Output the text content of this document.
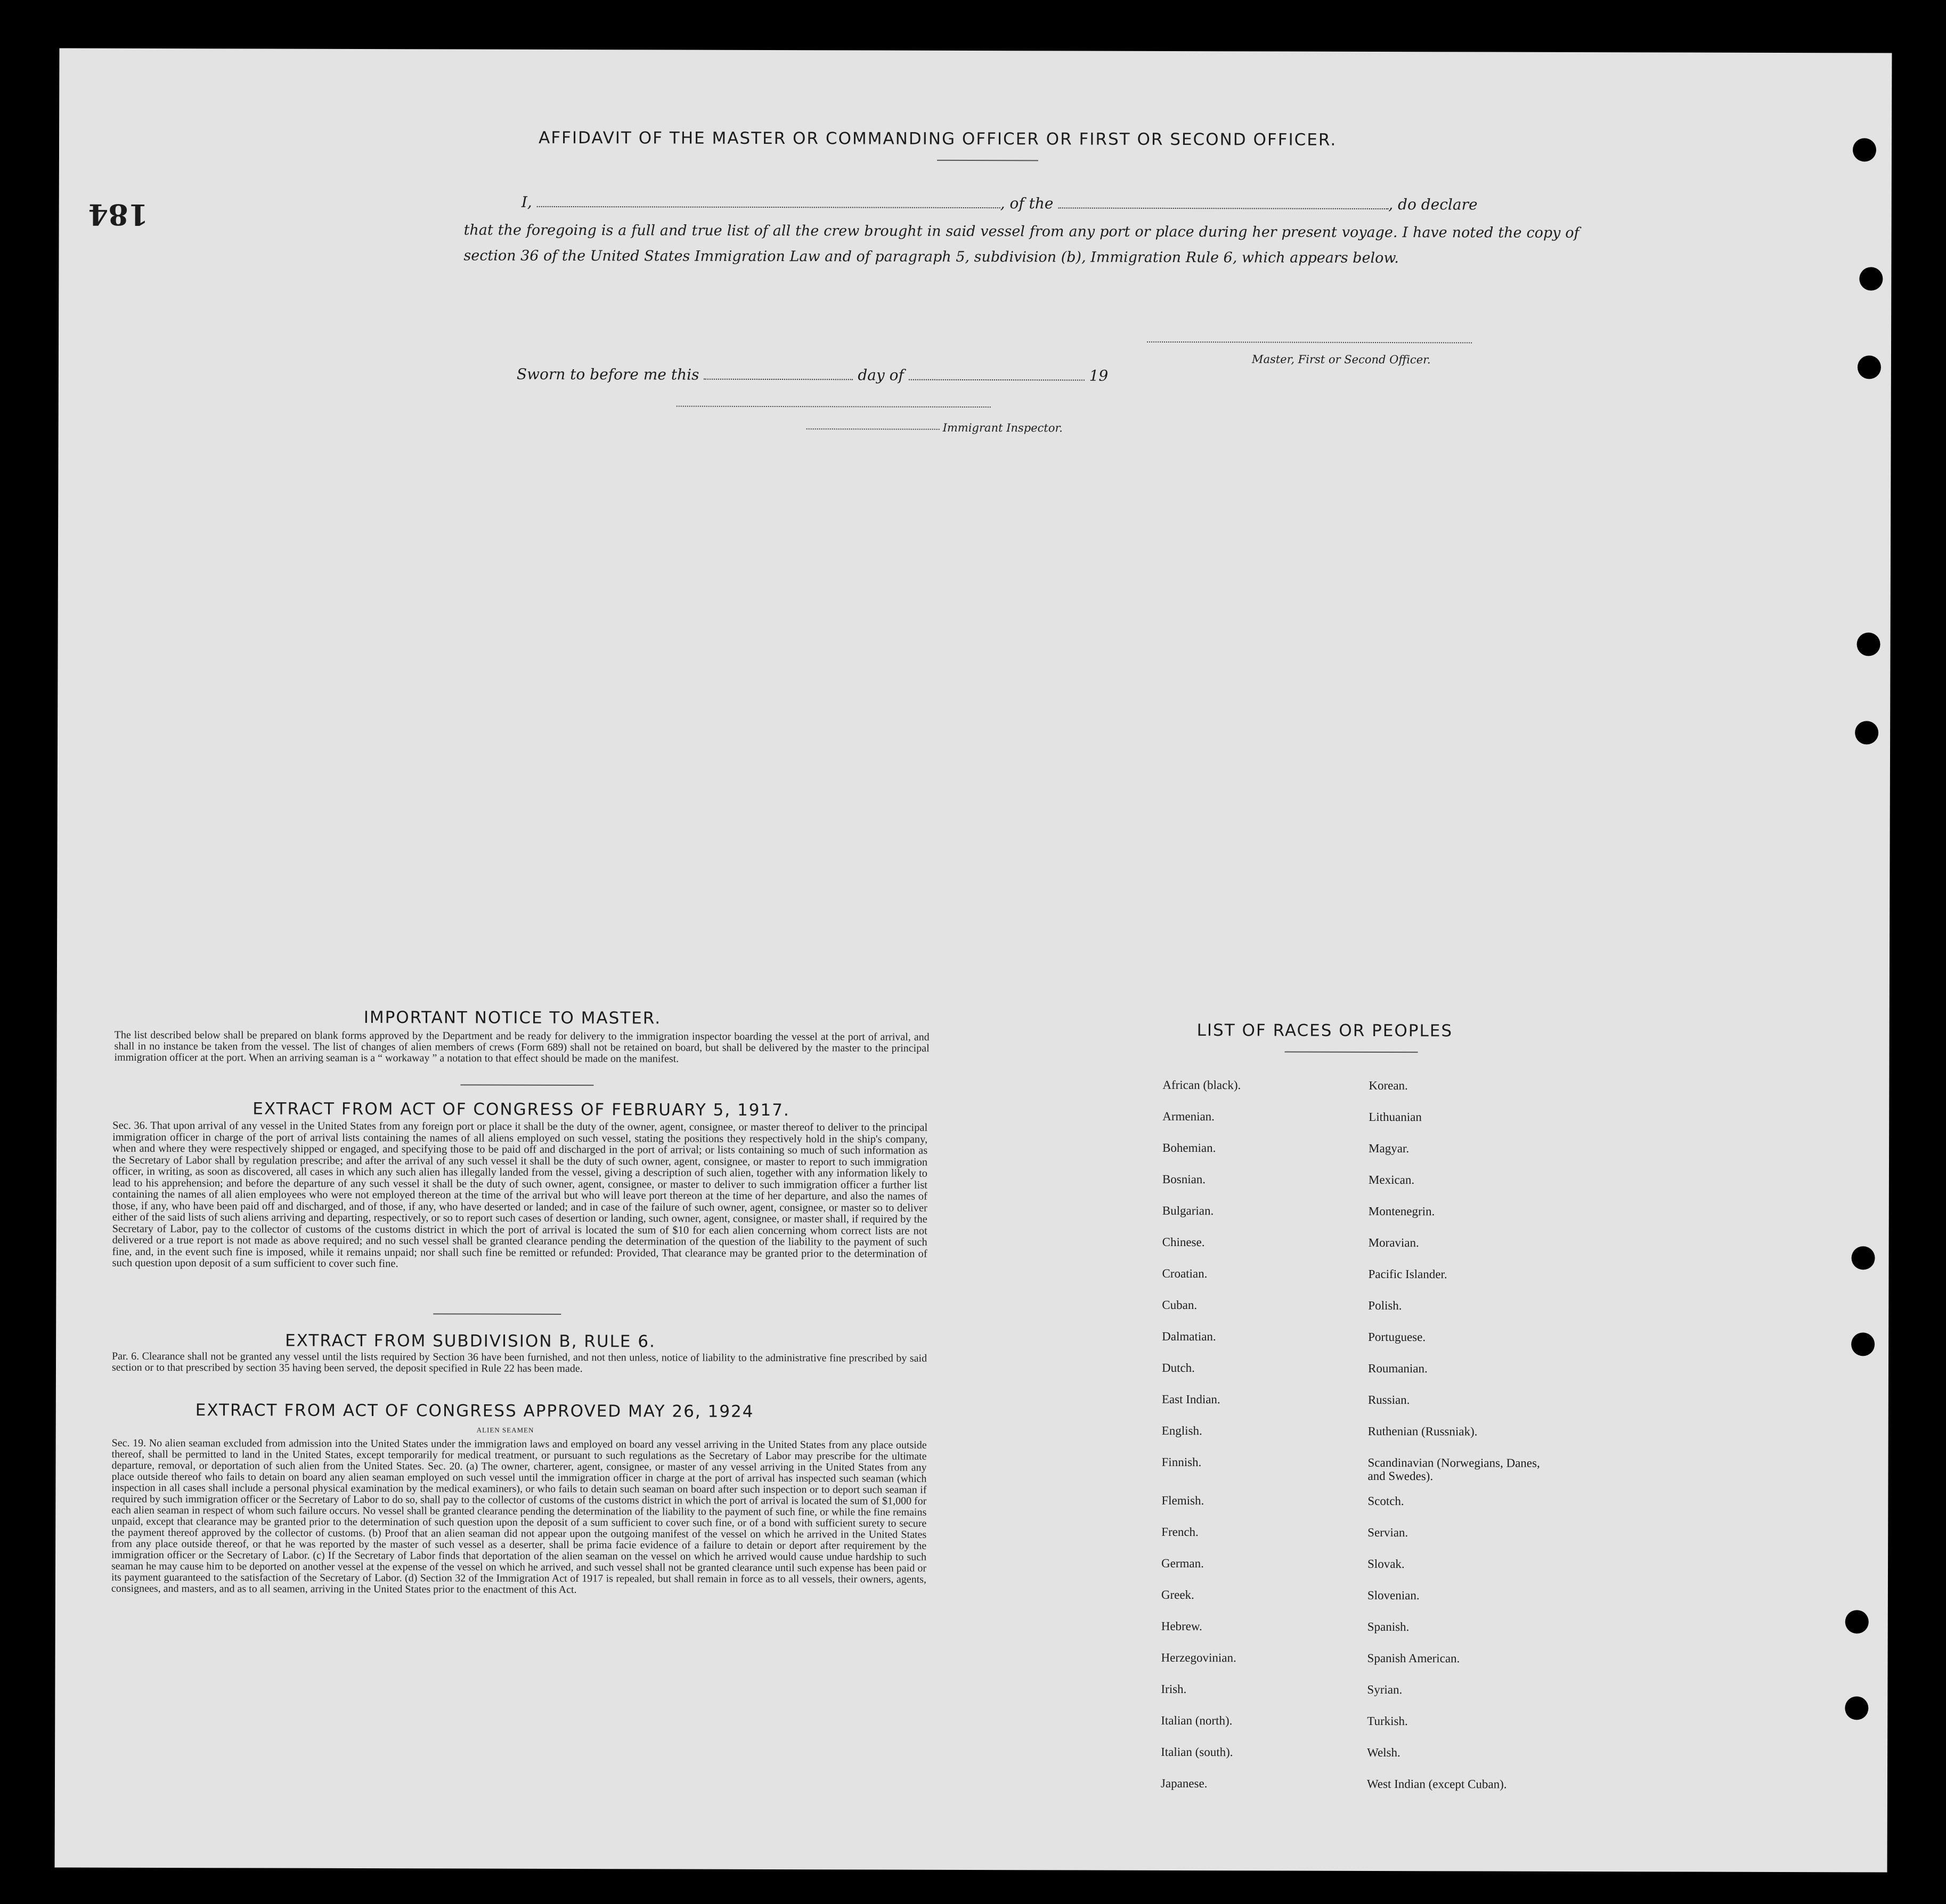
184
AFFIDAVIT OF THE MASTER OR COMMANDING OFFICER OR FIRST OR SECOND OFFICER.
I,	, of the	, do declare
that the foregoing is a full and true list of all the crew brought in said vessel from any port or place during her present voyage. I have noted the copy of section 36 of the United States Immigration Law and of paragraph 5, subdivision (b), Immigration Rule 6, which appears below.
Master, First or Second Officer.
Sworn to before me this	day of	19
Immigrant Inspector.
IMPORTANT NOTICE TO MASTER.
The list described below shall be prepared on blank forms approved by the Department and be ready for delivery to the immigration inspector boarding the vessel at the port of arrival, and shall in no instance be taken from the vessel. The list of changes of alien members of crews (Form 689) shall not be retained on board, but shall be delivered by the master to the principal immigration officer at the port. When an arriving seaman is a “ workaway ” a notation to that effect should be made on the manifest.
EXTRACT FROM ACT OF CONGRESS OF FEBRUARY 5, 1917.
Sec. 36. That upon arrival of any vessel in the United States from any foreign port or place it shall be the duty of the owner, agent, consignee, or master thereof to deliver to the principal immigration officer in charge of the port of arrival lists containing the names of all aliens employed on such vessel, stating the positions they respectively hold in the ship's company, when and where they were respectively shipped or engaged, and specifying those to be paid off and discharged in the port of arrival; or lists containing so much of such information as the Secretary of Labor shall by regulation prescribe; and after the arrival of any such vessel it shall be the duty of such owner, agent, consignee, or master to report to such immigration officer, in writing, as soon as discovered, all cases in which any such alien has illegally landed from the vessel, giving a description of such alien, together with any information likely to lead to his apprehension; and before the departure of any such vessel it shall be the duty of such owner, agent, consignee, or master to deliver to such immigration officer a further list containing the names of all alien employees who were not employed thereon at the time of the arrival but who will leave port thereon at the time of her departure, and also the names of those, if any, who have been paid off and discharged, and of those, if any, who have deserted or landed; and in case of the failure of such owner, agent, consignee, or master so to deliver either of the said lists of such aliens arriving and departing, respectively, or so to report such cases of desertion or landing, such owner, agent, consignee, or master shall, if required by the Secretary of Labor, pay to the collector of customs of the customs district in which the port of arrival is located the sum of $10 for each alien concerning whom correct lists are not delivered or a true report is not made as above required; and no such vessel shall be granted clearance pending the determination of the question of the liability to the payment of such fine, and, in the event such fine is imposed, while it remains unpaid; nor shall such fine be remitted or refunded: Provided, That clearance may be granted prior to the determination of such question upon deposit of a sum sufficient to cover such fine.
EXTRACT FROM SUBDIVISION B, RULE 6.
Par. 6. Clearance shall not be granted any vessel until the lists required by Section 36 have been furnished, and not then unless, notice of liability to the administrative fine prescribed by said section or to that prescribed by section 35 having been served, the deposit specified in Rule 22 has been made.
EXTRACT FROM ACT OF CONGRESS APPROVED MAY 26, 1924
ALIEN SEAMEN
Sec. 19. No alien seaman excluded from admission into the United States under the immigration laws and employed on board any vessel arriving in the United States from any place outside thereof, shall be permitted to land in the United States, except temporarily for medical treatment, or pursuant to such regulations as the Secretary of Labor may prescribe for the ultimate departure, removal, or deportation of such alien from the United States. Sec. 20. (a) The owner, charterer, agent, consignee, or master of any vessel arriving in the United States from any place outside thereof who fails to detain on board any alien seaman employed on such vessel until the immigration officer in charge at the port of arrival has inspected such seaman (which inspection in all cases shall include a personal physical examination by the medical examiners), or who fails to detain such seaman on board after such inspection or to deport such seaman if required by such immigration officer or the Secretary of Labor to do so, shall pay to the collector of customs of the customs district in which the port of arrival is located the sum of $1,000 for each alien seaman in respect of whom such failure occurs. No vessel shall be granted clearance pending the determination of the liability to the payment of such fine, or while the fine remains unpaid, except that clearance may be granted prior to the determination of such question upon the deposit of a sum sufficient to cover such fine, or of a bond with sufficient surety to secure the payment thereof approved by the collector of customs. (b) Proof that an alien seaman did not appear upon the outgoing manifest of the vessel on which he arrived in the United States from any place outside thereof, or that he was reported by the master of such vessel as a deserter, shall be prima facie evidence of a failure to detain or deport after requirement by the immigration officer or the Secretary of Labor. (c) If the Secretary of Labor finds that deportation of the alien seaman on the vessel on which he arrived would cause undue hardship to such seaman he may cause him to be deported on another vessel at the expense of the vessel on which he arrived, and such vessel shall not be granted clearance until such expense has been paid or its payment guaranteed to the satisfaction of the Secretary of Labor. (d) Section 32 of the Immigration Act of 1917 is repealed, but shall remain in force as to all vessels, their owners, agents, consignees, and masters, and as to all seamen, arriving in the United States prior to the enactment of this Act.
LIST OF RACES OR PEOPLES
African (black).	Korean.
Armenian.	Lithuanian
Bohemian.	Magyar.
Bosnian.	Mexican.
Bulgarian.	Montenegrin.
Chinese.	Moravian.
Croatian.	Pacific Islander.
Cuban.	Polish.
Dalmatian.	Portuguese.
Dutch.	Roumanian.
East Indian.	Russian.
English.	Ruthenian (Russniak).
Finnish.	Scandinavian (Norwegians, Danes, and Swedes).
Flemish.	Scotch.
French.	Servian.
German.	Slovak.
Greek.	Slovenian.
Hebrew.	Spanish.
Herzegovinian.	Spanish American.
Irish.	Syrian.
Italian (north).	Turkish.
Italian (south).	Welsh.
Japanese.	West Indian (except Cuban).
